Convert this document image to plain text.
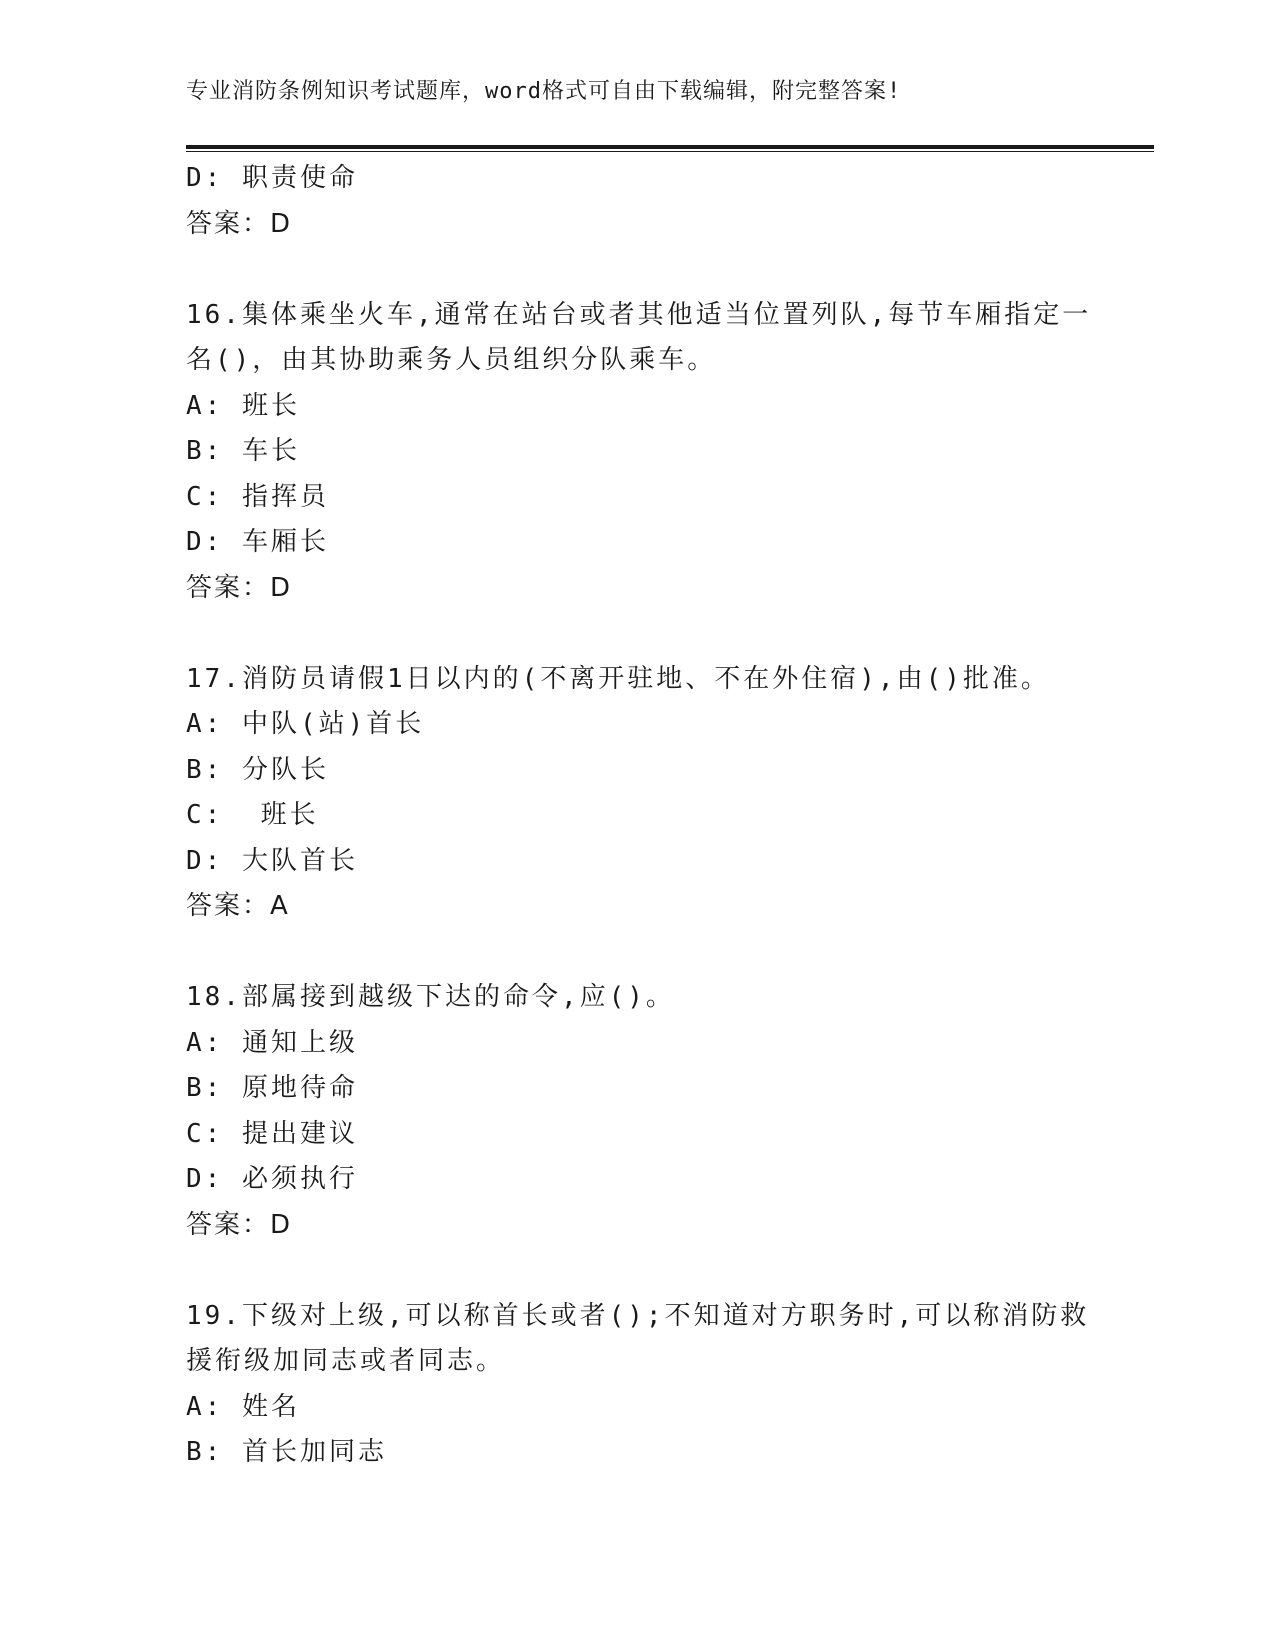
专业消防条例知识考试题库，word格式可自由下载编辑，附完整答案!
D: 职责使命
答案：D
16.集体乘坐火车,通常在站台或者其他适当位置列队,每节车厢指定一
名()，由其协助乘务人员组织分队乘车。
A: 班长
B: 车长
C: 指挥员
D: 车厢长
答案：D
17.消防员请假1日以内的(不离开驻地、不在外住宿),由()批准。
A: 中队(站)首长
B: 分队长
C:  班长
D: 大队首长
答案：A
18.部属接到越级下达的命令,应()。
A: 通知上级
B: 原地待命
C: 提出建议
D: 必须执行
答案：D
19.下级对上级,可以称首长或者();不知道对方职务时,可以称消防救
援衔级加同志或者同志。
A: 姓名
B: 首长加同志
